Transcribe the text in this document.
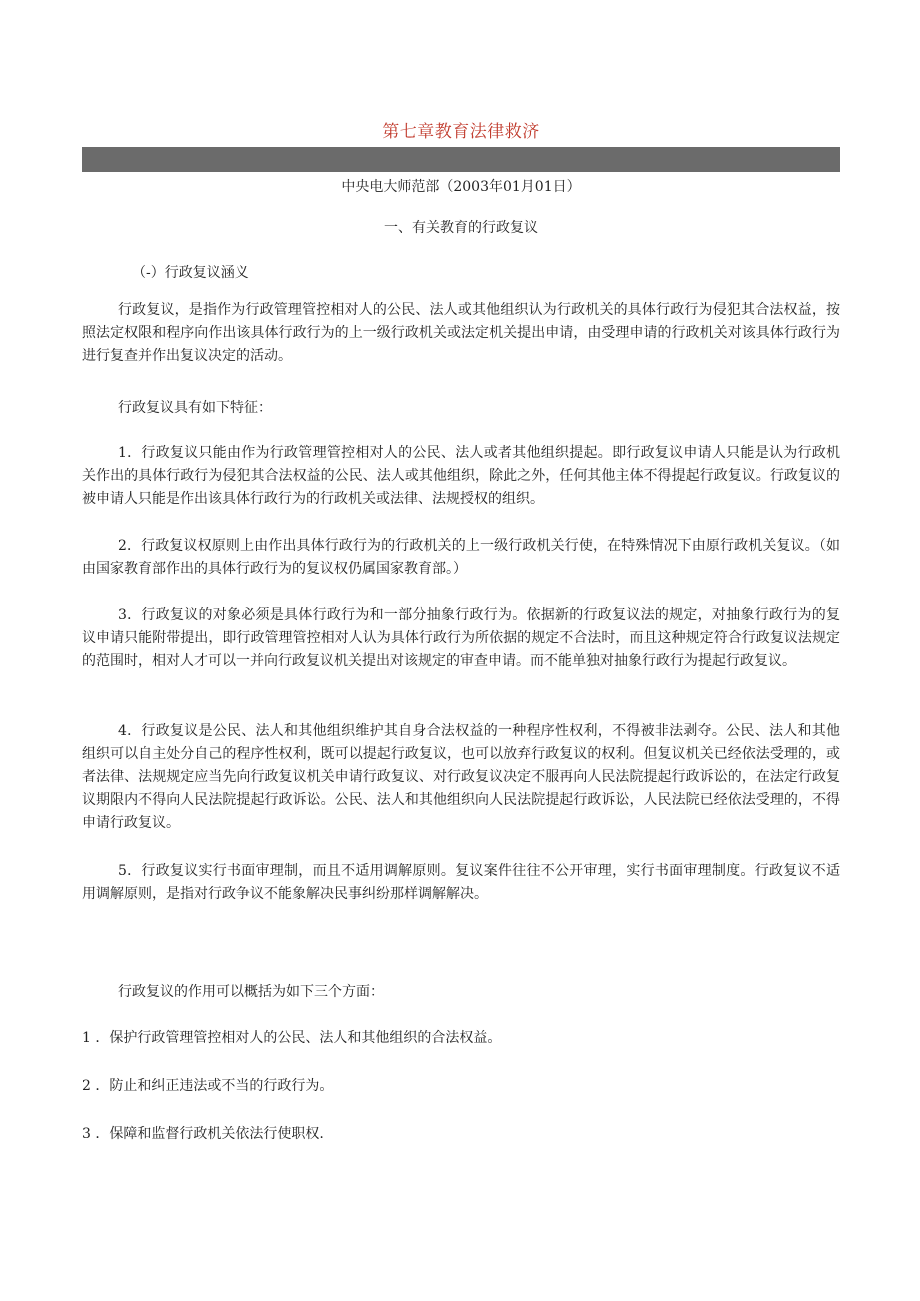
第七章教育法律救济
中央电大师范部（2003年01月01日）
一、有关教育的行政复议
（-）行政复议涵义

行政复议，是指作为行政管理管控相对人的公民、法人或其他组织认为行政机关的具体行政行为侵犯其合法权益，按照法定权限和程序向作出该具体行政行为的上一级行政机关或法定机关提出申请，由受理申请的行政机关对该具体行政行为进行复查并作出复议决定的活动。

行政复议具有如下特征：

1．行政复议只能由作为行政管理管控相对人的公民、法人或者其他组织提起。即行政复议申请人只能是认为行政机关作出的具体行政行为侵犯其合法权益的公民、法人或其他组织，除此之外，任何其他主体不得提起行政复议。行政复议的被申请人只能是作出该具体行政行为的行政机关或法律、法规授权的组织。

2．行政复议权原则上由作出具体行政行为的行政机关的上一级行政机关行使，在特殊情况下由原行政机关复议。（如由国家教育部作出的具体行政行为的复议权仍属国家教育部。）

3．行政复议的对象必须是具体行政行为和一部分抽象行政行为。依据新的行政复议法的规定，对抽象行政行为的复议申请只能附带提出，即行政管理管控相对人认为具体行政行为所依据的规定不合法时，而且这种规定符合行政复议法规定的范围时，相对人才可以一并向行政复议机关提出对该规定的审查申请。而不能单独对抽象行政行为提起行政复议。

4．行政复议是公民、法人和其他组织维护其自身合法权益的一种程序性权利，不得被非法剥夺。公民、法人和其他组织可以自主处分自己的程序性权利，既可以提起行政复议，也可以放弃行政复议的权利。但复议机关已经依法受理的，或者法律、法规规定应当先向行政复议机关申请行政复议、对行政复议决定不服再向人民法院提起行政诉讼的，在法定行政复议期限内不得向人民法院提起行政诉讼。公民、法人和其他组织向人民法院提起行政诉讼，人民法院已经依法受理的，不得申请行政复议。

5．行政复议实行书面审理制，而且不适用调解原则。复议案件往往不公开审理，实行书面审理制度。行政复议不适用调解原则，是指对行政争议不能象解决民事纠纷那样调解解决。

行政复议的作用可以概括为如下三个方面：

1 ．保护行政管理管控相对人的公民、法人和其他组织的合法权益。

2 ．防止和纠正违法或不当的行政行为。

3 ．保障和监督行政机关依法行使职权.
